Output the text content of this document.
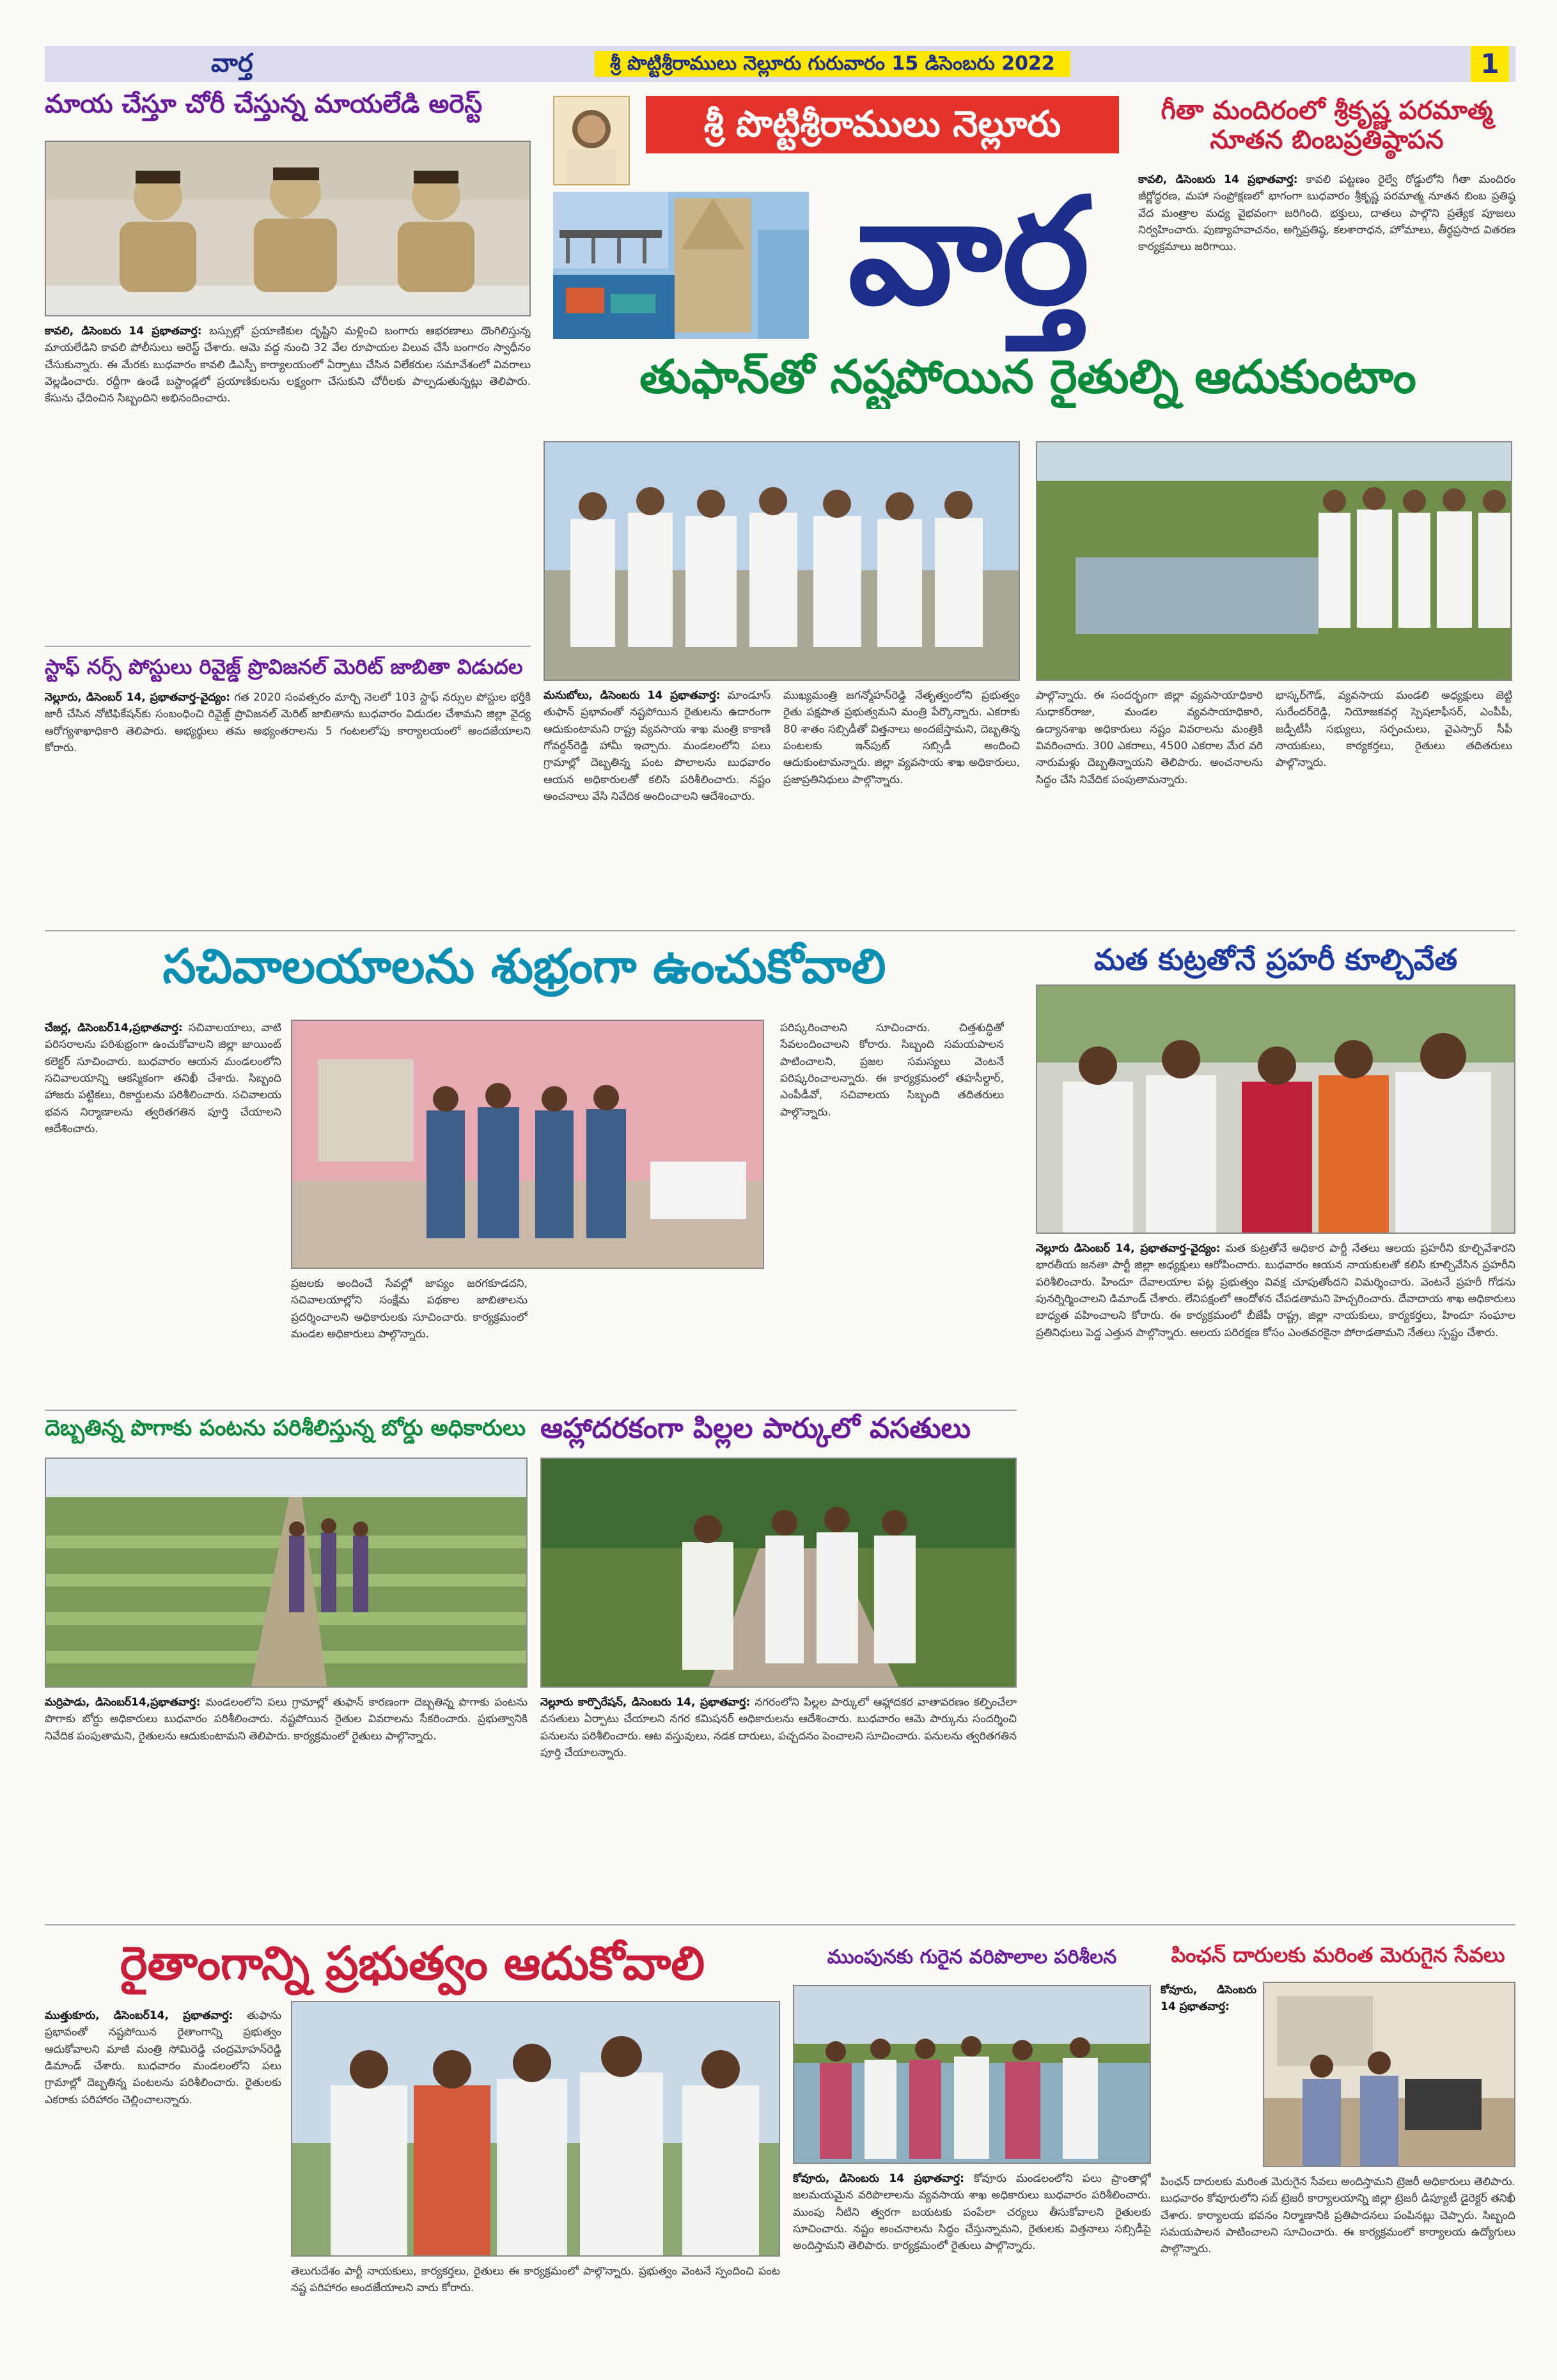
వార్త	శ్రీ పొట్టిశ్రీరాములు నెల్లూరు గురువారం 15 డిసెంబరు 2022	1
మాయ చేస్తూ చోరీ చేస్తున్న మాయలేడి అరెస్ట్
కావలి, డిసెంబరు 14 ప్రభాతవార్త: బస్సుల్లో ప్రయాణికుల దృష్టిని మళ్లించి బంగారు ఆభరణాలు దొంగిలిస్తున్న మాయలేడిని కావలి పోలీసులు అరెస్ట్ చేశారు. ఆమె వద్ద నుంచి 32 వేల రూపాయల విలువ చేసే బంగారం స్వాధీనం చేసుకున్నారు. ఈ మేరకు బుధవారం కావలి డిఎస్పీ కార్యాలయంలో ఏర్పాటు చేసిన విలేకరుల సమావేశంలో వివరాలు వెల్లడించారు. రద్దీగా ఉండే బస్టాండ్లలో ప్రయాణికులను లక్ష్యంగా చేసుకుని చోరీలకు పాల్పడుతున్నట్లు తెలిపారు. కేసును ఛేదించిన సిబ్బందిని అభినందించారు.
స్టాఫ్ నర్స్ పోస్టులు రివైజ్డ్ ప్రొవిజనల్ మెరిట్ జాబితా విడుదల
నెల్లూరు, డిసెంబర్ 14, ప్రభాతవార్త-వైద్యం: గత 2020 సంవత్సరం మార్చి నెలలో 103 స్టాఫ్ నర్సుల పోస్టుల భర్తీకి జారీ చేసిన నోటిఫికేషన్‌కు సంబంధించి రివైజ్డ్ ప్రొవిజనల్ మెరిట్ జాబితాను బుధవారం విడుదల చేశామని జిల్లా వైద్య ఆరోగ్యశాఖాధికారి తెలిపారు. అభ్యర్థులు తమ అభ్యంతరాలను 5 గంటలలోపు కార్యాలయంలో అందజేయాలని కోరారు.
శ్రీ పొట్టిశ్రీరాములు నెల్లూరు
వార్త
గీతా మందిరంలో శ్రీకృష్ణ పరమాత్మ నూతన బింబప్రతిష్ఠాపన
కావలి, డిసెంబరు 14 ప్రభాతవార్త: కావలి పట్టణం రైల్వే రోడ్డులోని గీతా మందిరం జీర్ణోద్ధరణ, మహా సంప్రోక్షణలో భాగంగా బుధవారం శ్రీకృష్ణ పరమాత్మ నూతన బింబ ప్రతిష్ఠ వేద మంత్రాల మధ్య వైభవంగా జరిగింది. భక్తులు, దాతలు పాల్గొని ప్రత్యేక పూజలు నిర్వహించారు. పుణ్యాహవాచనం, అగ్నిప్రతిష్ఠ, కలశారాధన, హోమాలు, తీర్థప్రసాద వితరణ కార్యక్రమాలు జరిగాయి.
తుఫాన్‌తో నష్టపోయిన రైతుల్ని ఆదుకుంటాం
మనుబోలు, డిసెంబరు 14 ప్రభాతవార్త: మాండూస్ తుఫాన్ ప్రభావంతో నష్టపోయిన రైతులను ఉదారంగా ఆదుకుంటామని రాష్ట్ర వ్యవసాయ శాఖ మంత్రి కాకాణి గోవర్ధన్‌రెడ్డి హామీ ఇచ్చారు. మండలంలోని పలు గ్రామాల్లో దెబ్బతిన్న పంట పొలాలను బుధవారం ఆయన అధికారులతో కలిసి పరిశీలించారు. నష్టం అంచనాలు వేసి నివేదిక అందించాలని ఆదేశించారు.
ముఖ్యమంత్రి జగన్మోహన్‌రెడ్డి నేతృత్వంలోని ప్రభుత్వం రైతు పక్షపాత ప్రభుత్వమని మంత్రి పేర్కొన్నారు. ఎకరాకు 80 శాతం సబ్సిడీతో విత్తనాలు అందజేస్తామని, దెబ్బతిన్న పంటలకు ఇన్‌పుట్ సబ్సిడీ అందించి ఆదుకుంటామన్నారు. జిల్లా వ్యవసాయ శాఖ అధికారులు, ప్రజాప్రతినిధులు పాల్గొన్నారు.
పాల్గొన్నారు. ఈ సందర్భంగా జిల్లా వ్యవసాయాధికారి సుధాకర్‌రాజు, మండల వ్యవసాయాధికారి, ఉద్యానశాఖ అధికారులు నష్టం వివరాలను మంత్రికి వివరించారు. 300 ఎకరాలు, 4500 ఎకరాల మేర వరి నారుమళ్లు దెబ్బతిన్నాయని తెలిపారు. అంచనాలను సిద్ధం చేసి నివేదిక పంపుతామన్నారు.
భాస్కర్‌గౌడ్, వ్యవసాయ మండలి అధ్యక్షులు జెట్టి సురేందర్‌రెడ్డి, నియోజకవర్గ స్పెషలాఫీసర్, ఎంపీపీ, జడ్పీటీసీ సభ్యులు, సర్పంచులు, వైఎస్సార్ సీపీ నాయకులు, కార్యకర్తలు, రైతులు తదితరులు పాల్గొన్నారు.
సచివాలయాలను శుభ్రంగా ఉంచుకోవాలి
చేజర్ల, డిసెంబర్14,ప్రభాతవార్త: సచివాలయాలు, వాటి పరిసరాలను పరిశుభ్రంగా ఉంచుకోవాలని జిల్లా జాయింట్ కలెక్టర్ సూచించారు. బుధవారం ఆయన మండలంలోని సచివాలయాన్ని ఆకస్మికంగా తనిఖీ చేశారు. సిబ్బంది హాజరు పట్టికలు, రికార్డులను పరిశీలించారు. సచివాలయ భవన నిర్మాణాలను త్వరితగతిన పూర్తి చేయాలని ఆదేశించారు.
ప్రజలకు అందించే సేవల్లో జాప్యం జరగకూడదని, సచివాలయాల్లోని సంక్షేమ పథకాల జాబితాలను ప్రదర్శించాలని అధికారులకు సూచించారు. కార్యక్రమంలో మండల అధికారులు పాల్గొన్నారు.
పరిష్కరించాలని సూచించారు. చిత్తశుద్ధితో సేవలందించాలని కోరారు. సిబ్బంది సమయపాలన పాటించాలని, ప్రజల సమస్యలు వెంటనే పరిష్కరించాలన్నారు. ఈ కార్యక్రమంలో తహసీల్దార్, ఎంపీడీవో, సచివాలయ సిబ్బంది తదితరులు పాల్గొన్నారు.
మత కుట్రతోనే ప్రహరీ కూల్చివేత
నెల్లూరు డిసెంబర్ 14, ప్రభాతవార్త-వైద్యం: మత కుట్రతోనే అధికార పార్టీ నేతలు ఆలయ ప్రహరీని కూల్చివేశారని భారతీయ జనతా పార్టీ జిల్లా అధ్యక్షులు ఆరోపించారు. బుధవారం ఆయన నాయకులతో కలిసి కూల్చివేసిన ప్రహరీని పరిశీలించారు. హిందూ దేవాలయాల పట్ల ప్రభుత్వం వివక్ష చూపుతోందని విమర్శించారు. వెంటనే ప్రహరీ గోడను పునర్నిర్మించాలని డిమాండ్ చేశారు. లేనిపక్షంలో ఆందోళన చేపడతామని హెచ్చరించారు. దేవాదాయ శాఖ అధికారులు బాధ్యత వహించాలని కోరారు. ఈ కార్యక్రమంలో బీజేపీ రాష్ట్ర, జిల్లా నాయకులు, కార్యకర్తలు, హిందూ సంఘాల ప్రతినిధులు పెద్ద ఎత్తున పాల్గొన్నారు. ఆలయ పరిరక్షణ కోసం ఎంతవరకైనా పోరాడతామని నేతలు స్పష్టం చేశారు.
దెబ్బతిన్న పొగాకు పంటను పరిశీలిస్తున్న బోర్డు అధికారులు
మర్రిపాడు, డిసెంబర్14,ప్రభాతవార్త: మండలంలోని పలు గ్రామాల్లో తుఫాన్ కారణంగా దెబ్బతిన్న పొగాకు పంటను పొగాకు బోర్డు అధికారులు బుధవారం పరిశీలించారు. నష్టపోయిన రైతుల వివరాలను సేకరించారు. ప్రభుత్వానికి నివేదిక పంపుతామని, రైతులను ఆదుకుంటామని తెలిపారు. కార్యక్రమంలో రైతులు పాల్గొన్నారు.
ఆహ్లాదరకంగా పిల్లల పార్కులో వసతులు
నెల్లూరు కార్పొరేషన్, డిసెంబరు 14, ప్రభాతవార్త: నగరంలోని పిల్లల పార్కులో ఆహ్లాదకర వాతావరణం కల్పించేలా వసతులు ఏర్పాటు చేయాలని నగర కమిషనర్ అధికారులను ఆదేశించారు. బుధవారం ఆమె పార్కును సందర్శించి పనులను పరిశీలించారు. ఆట వస్తువులు, నడక దారులు, పచ్చదనం పెంచాలని సూచించారు. పనులను త్వరితగతిన పూర్తి చేయాలన్నారు.
రైతాంగాన్ని ప్రభుత్వం ఆదుకోవాలి
ముత్తుకూరు, డిసెంబర్14, ప్రభాతవార్త: తుఫాను ప్రభావంతో నష్టపోయిన రైతాంగాన్ని ప్రభుత్వం ఆదుకోవాలని మాజీ మంత్రి సోమిరెడ్డి చంద్రమోహన్‌రెడ్డి డిమాండ్ చేశారు. బుధవారం మండలంలోని పలు గ్రామాల్లో దెబ్బతిన్న పంటలను పరిశీలించారు. రైతులకు ఎకరాకు పరిహారం చెల్లించాలన్నారు.
తెలుగుదేశం పార్టీ నాయకులు, కార్యకర్తలు, రైతులు ఈ కార్యక్రమంలో పాల్గొన్నారు. ప్రభుత్వం వెంటనే స్పందించి పంట నష్ట పరిహారం అందజేయాలని వారు కోరారు.
ముంపునకు గురైన వరిపొలాల పరిశీలన
కోవూరు, డిసెంబరు 14 ప్రభాతవార్త: కోవూరు మండలంలోని పలు ప్రాంతాల్లో జలమయమైన వరిపొలాలను వ్యవసాయ శాఖ అధికారులు బుధవారం పరిశీలించారు. ముంపు నీటిని త్వరగా బయటకు పంపేలా చర్యలు తీసుకోవాలని రైతులకు సూచించారు. నష్టం అంచనాలను సిద్ధం చేస్తున్నామని, రైతులకు విత్తనాలు సబ్సిడీపై అందిస్తామని తెలిపారు. కార్యక్రమంలో రైతులు పాల్గొన్నారు.
పింఛన్ దారులకు మరింత మెరుగైన సేవలు
కోవూరు, డిసెంబరు 14 ప్రభాతవార్త:
పింఛన్ దారులకు మరింత మెరుగైన సేవలు అందిస్తామని ట్రెజరీ అధికారులు తెలిపారు. బుధవారం కోవూరులోని సబ్ ట్రెజరీ కార్యాలయాన్ని జిల్లా ట్రెజరీ డిప్యూటీ డైరెక్టర్ తనిఖీ చేశారు. కార్యాలయ భవనం నిర్మాణానికి ప్రతిపాదనలు పంపినట్లు చెప్పారు. సిబ్బంది సమయపాలన పాటించాలని సూచించారు. ఈ కార్యక్రమంలో కార్యాలయ ఉద్యోగులు పాల్గొన్నారు.
